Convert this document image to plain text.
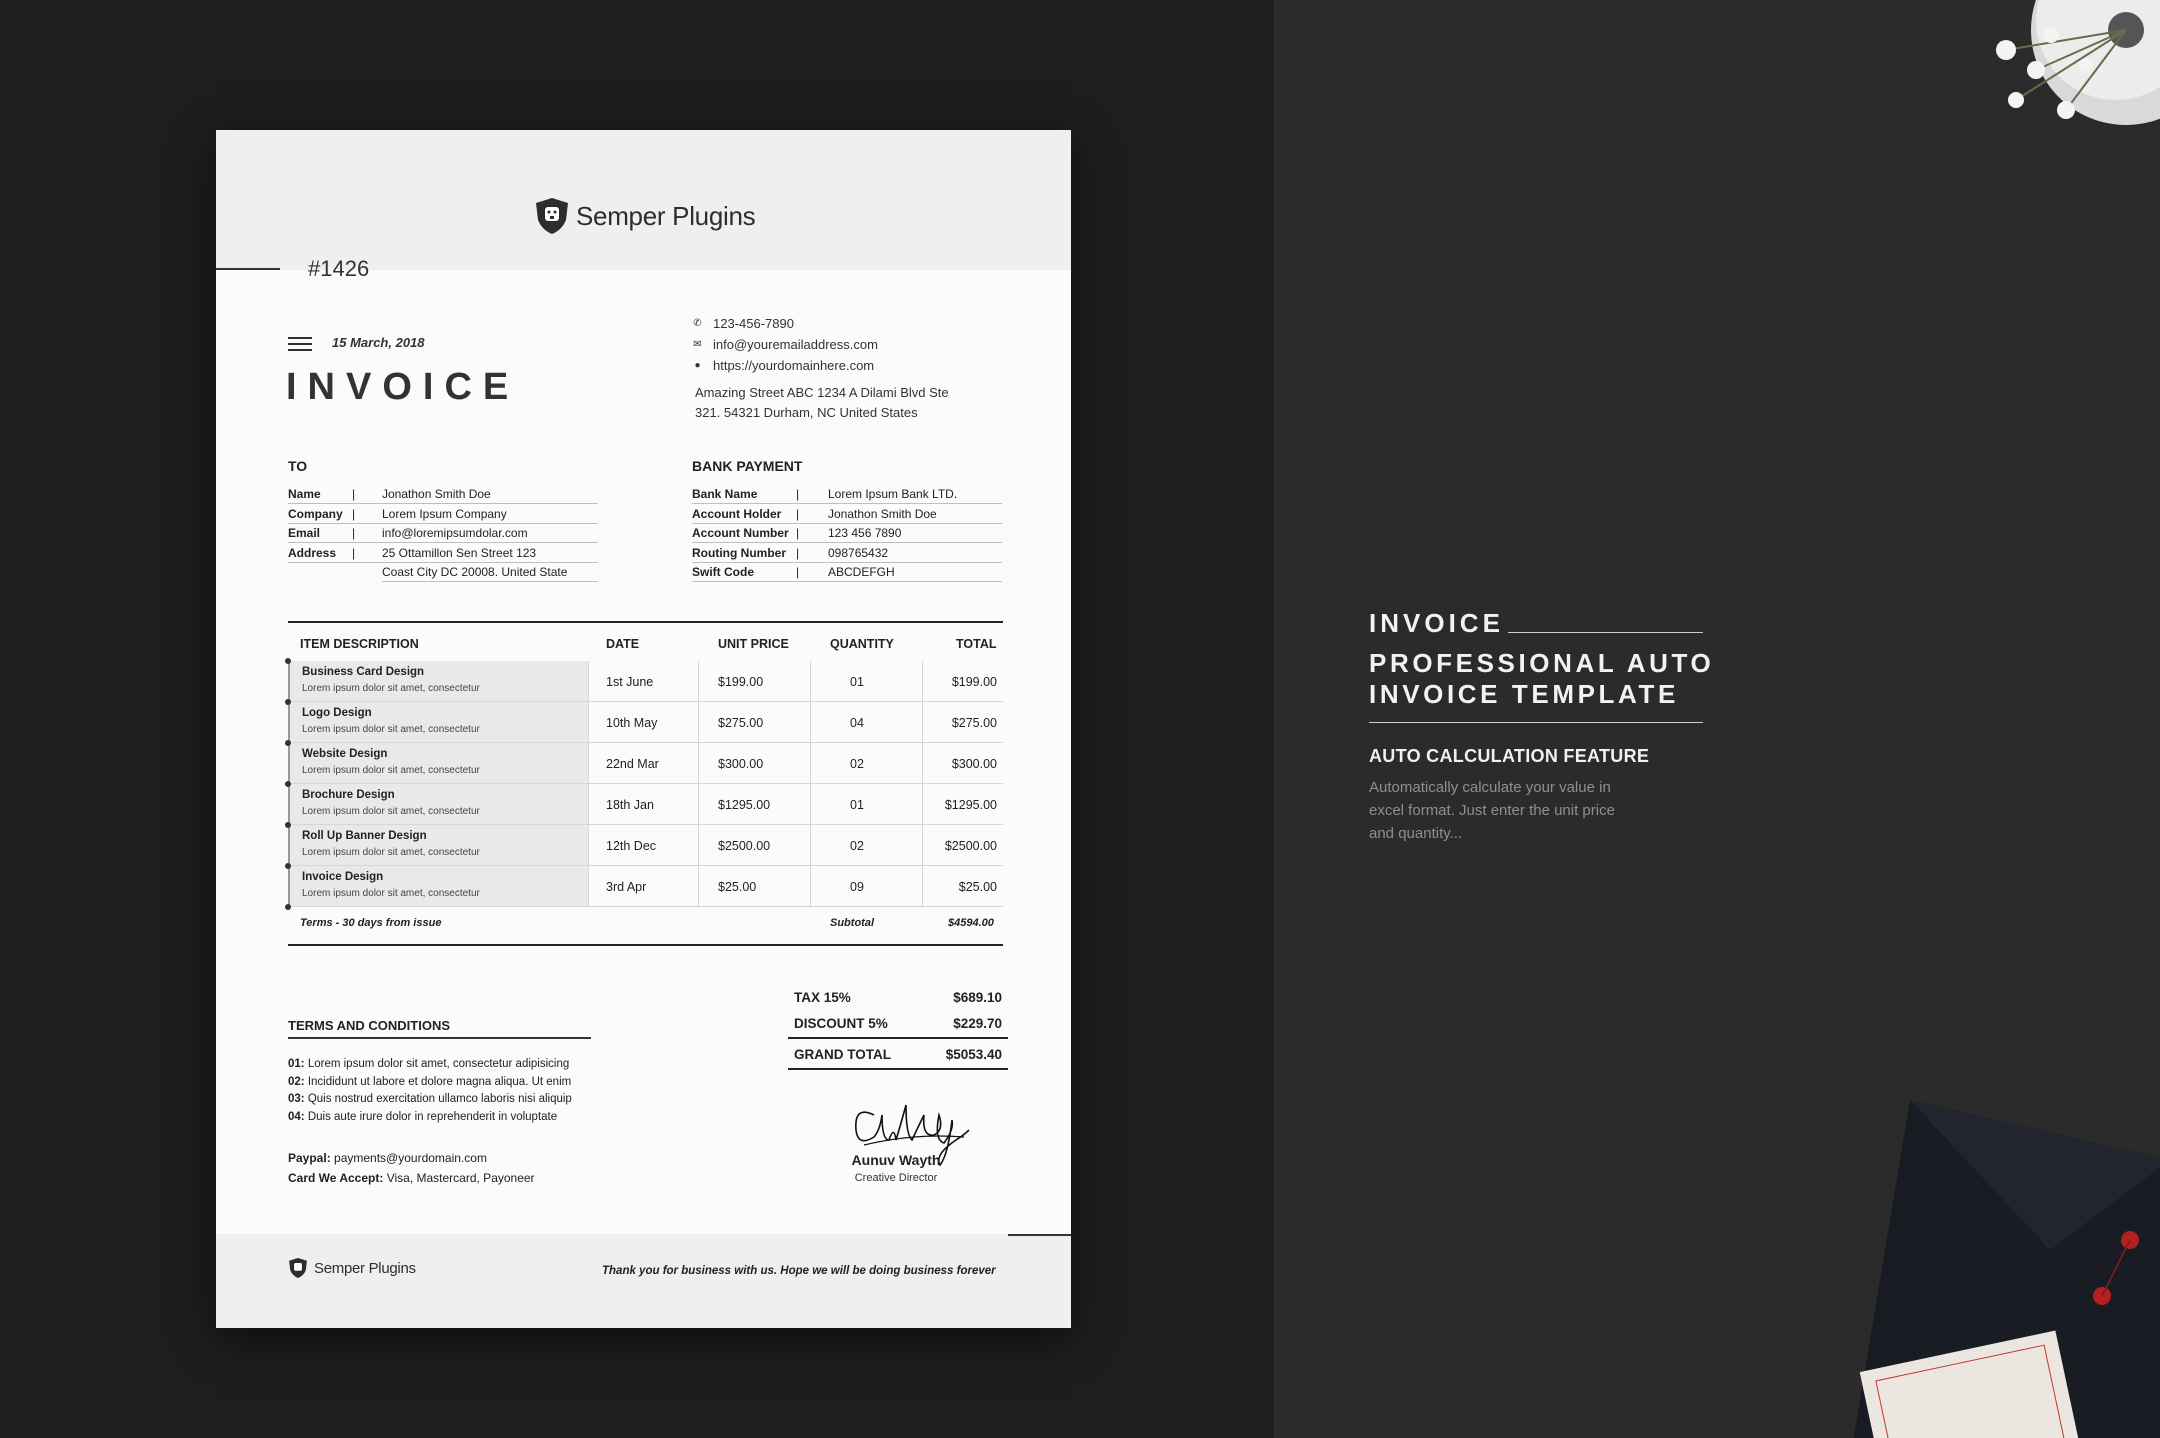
INVOICE
PROFESSIONAL AUTO
INVOICE TEMPLATE
AUTO CALCULATION FEATURE
Automatically calculate your value in
excel format. Just enter the unit price
and quantity...
Semper Plugins
#1426
15 March, 2018
INVOICE
✆ 123-456-7890
✉ info@youremailaddress.com
● https://yourdomainhere.com
Amazing Street ABC 1234 A Dilami Blvd Ste
321. 54321 Durham, NC United States
TO
Name	|	Jonathon Smith Doe
Company	|	Lorem Ipsum Company
Email	|	info@loremipsumdolar.com
Address	|	25 Ottamillon Sen Street 123
		Coast City DC 20008. United State
BANK PAYMENT
Bank Name	|	Lorem Ipsum Bank LTD.
Account Holder	|	Jonathon Smith Doe
Account Number	|	123 456 7890
Routing Number	|	098765432
Swift Code	|	ABCDEFGH
ITEM DESCRIPTION	DATE	UNIT PRICE	QUANTITY	TOTAL
Business Card Design
Lorem ipsum dolor sit amet, consectetur	1st June	$199.00	01	$199.00
Logo Design
Lorem ipsum dolor sit amet, consectetur	10th May	$275.00	04	$275.00
Website Design
Lorem ipsum dolor sit amet, consectetur	22nd Mar	$300.00	02	$300.00
Brochure Design
Lorem ipsum dolor sit amet, consectetur	18th Jan	$1295.00	01	$1295.00
Roll Up Banner Design
Lorem ipsum dolor sit amet, consectetur	12th Dec	$2500.00	02	$2500.00
Invoice Design
Lorem ipsum dolor sit amet, consectetur	3rd Apr	$25.00	09	$25.00
Terms - 30 days from issue	Subtotal	$4594.00
TERMS AND CONDITIONS
01: Lorem ipsum dolor sit amet, consectetur adipisicing
02: Incididunt ut labore et dolore magna aliqua. Ut enim
03: Quis nostrud exercitation ullamco laboris nisi aliquip
04: Duis aute irure dolor in reprehenderit in voluptate
Paypal: payments@yourdomain.com
Card We Accept: Visa, Mastercard, Payoneer
TAX 15%	$689.10
DISCOUNT 5%	$229.70
GRAND TOTAL	$5053.40
Aunuv Wayth
Creative Director
Semper Plugins	Thank you for business with us. Hope we will be doing business forever
